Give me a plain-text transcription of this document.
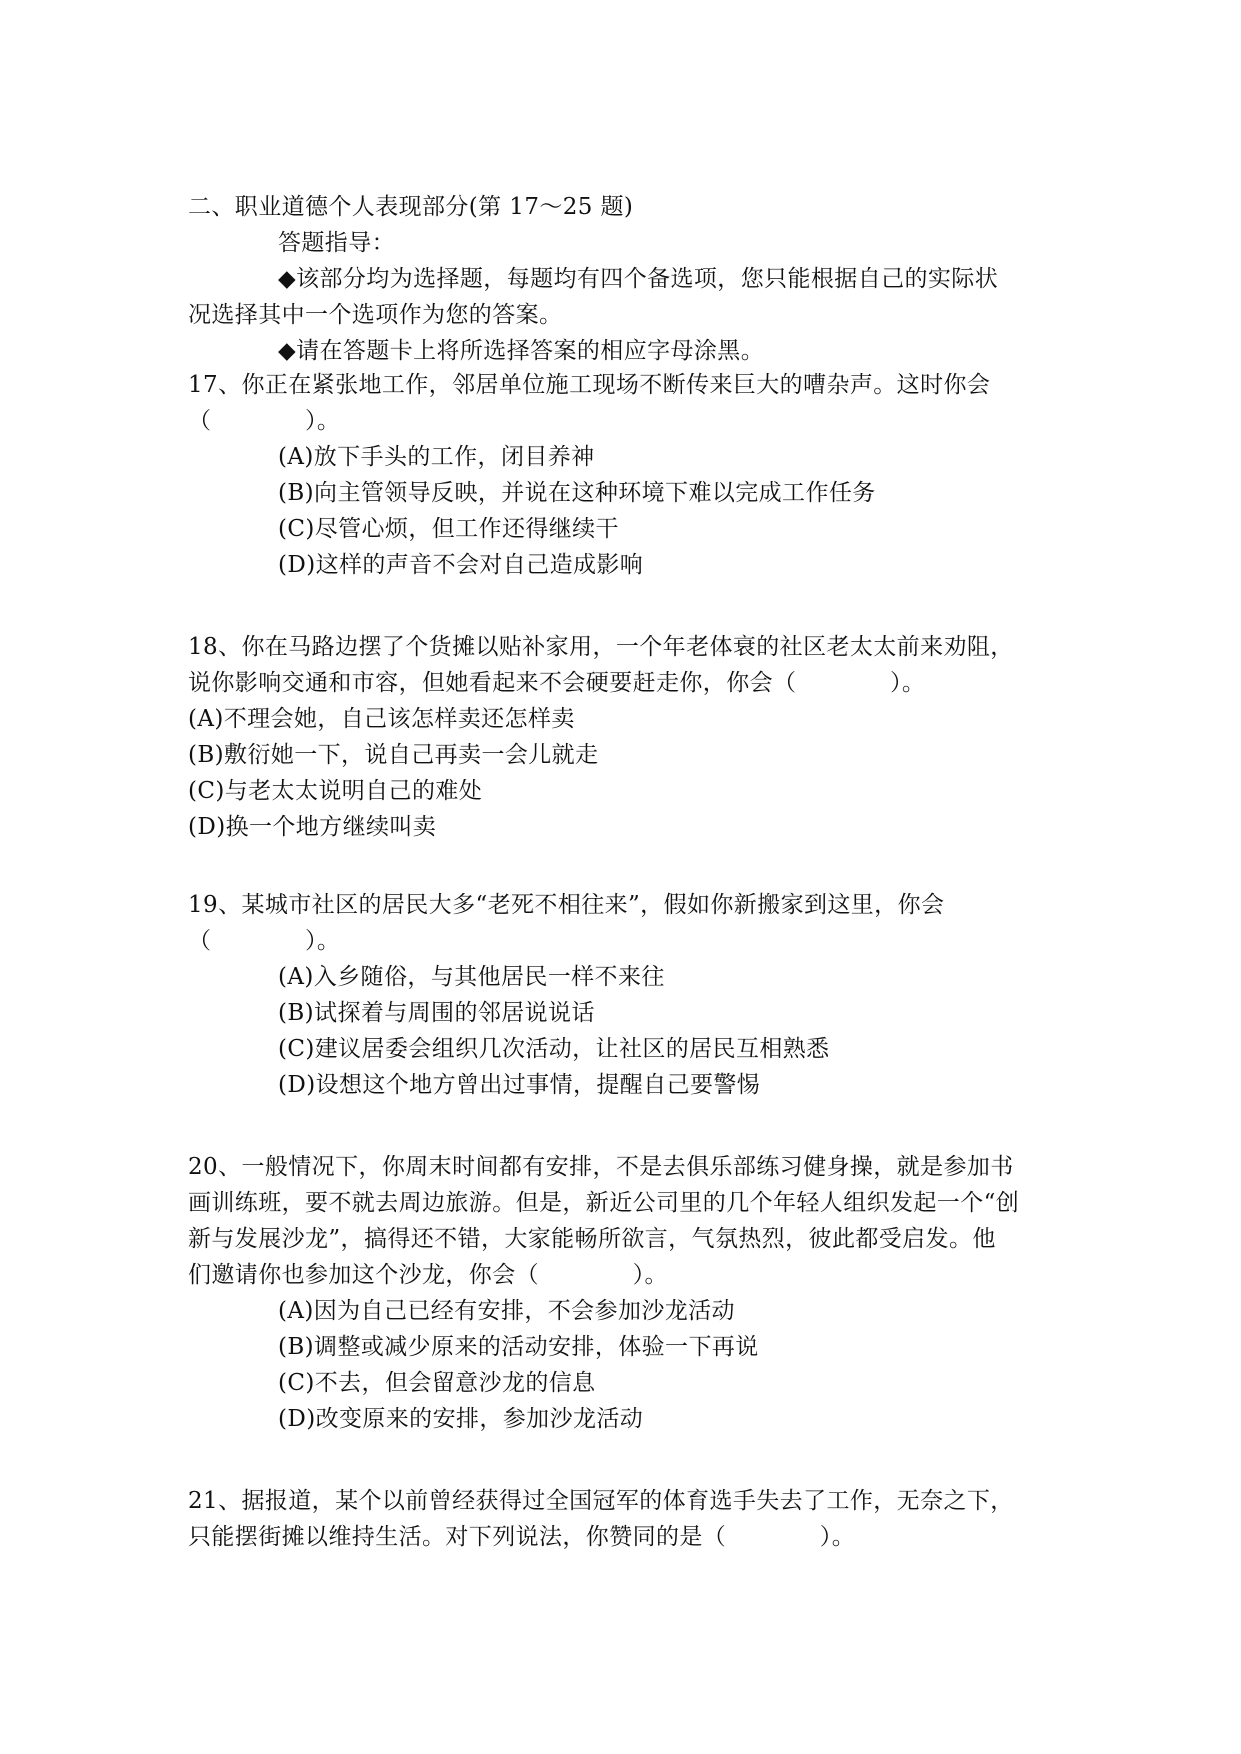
二、职业道德个人表现部分(第 17～25 题)
答题指导：
◆该部分均为选择题，每题均有四个备选项，您只能根据自己的实际状
况选择其中一个选项作为您的答案。
◆请在答题卡上将所选择答案的相应字母涂黑。
17、你正在紧张地工作，邻居单位施工现场不断传来巨大的嘈杂声。这时你会
（　　　　）。
(A)放下手头的工作，闭目养神
(B)向主管领导反映，并说在这种环境下难以完成工作任务
(C)尽管心烦，但工作还得继续干
(D)这样的声音不会对自己造成影响
18、你在马路边摆了个货摊以贴补家用，一个年老体衰的社区老太太前来劝阻，
说你影响交通和市容，但她看起来不会硬要赶走你，你会（　　　　）。
(A)不理会她，自己该怎样卖还怎样卖
(B)敷衍她一下，说自己再卖一会儿就走
(C)与老太太说明自己的难处
(D)换一个地方继续叫卖
19、某城市社区的居民大多“老死不相往来”，假如你新搬家到这里，你会
（　　　　）。
(A)入乡随俗，与其他居民一样不来往
(B)试探着与周围的邻居说说话
(C)建议居委会组织几次活动，让社区的居民互相熟悉
(D)设想这个地方曾出过事情，提醒自己要警惕
20、一般情况下，你周末时间都有安排，不是去俱乐部练习健身操，就是参加书
画训练班，要不就去周边旅游。但是，新近公司里的几个年轻人组织发起一个“创
新与发展沙龙”，搞得还不错，大家能畅所欲言，气氛热烈，彼此都受启发。他
们邀请你也参加这个沙龙，你会（　　　　）。
(A)因为自己已经有安排，不会参加沙龙活动
(B)调整或减少原来的活动安排，体验一下再说
(C)不去，但会留意沙龙的信息
(D)改变原来的安排，参加沙龙活动
21、据报道，某个以前曾经获得过全国冠军的体育选手失去了工作，无奈之下，
只能摆街摊以维持生活。对下列说法，你赞同的是（　　　　）。
